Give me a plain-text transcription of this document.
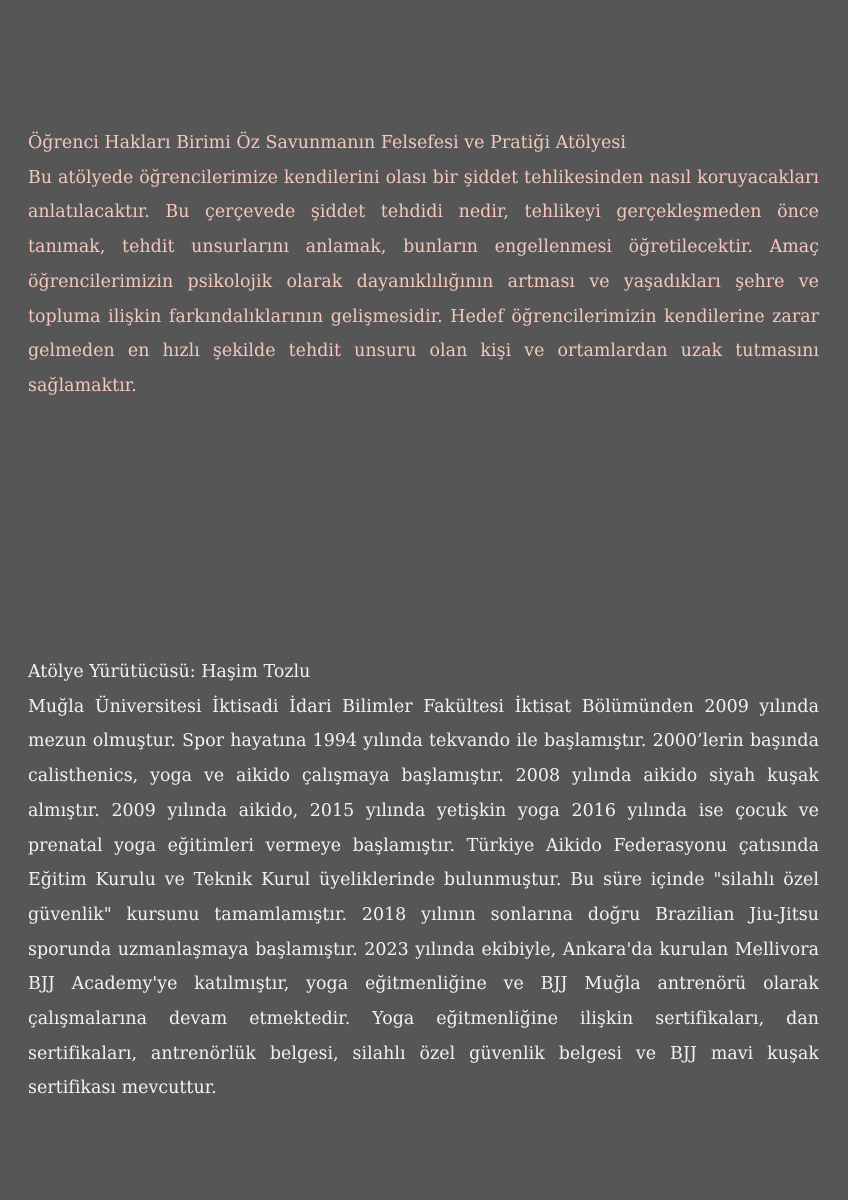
Öğrenci Hakları Birimi Öz Savunmanın Felsefesi ve Pratiği Atölyesi
Bu atölyede öğrencilerimize kendilerini olası bir şiddet tehlikesinden nasıl koruyacakları anlatılacaktır. Bu çerçevede şiddet tehdidi nedir, tehlikeyi gerçekleşmeden önce tanımak, tehdit unsurlarını anlamak, bunların engellenmesi öğretilecektir. Amaç öğrencilerimizin psikolojik olarak dayanıklılığının artması ve yaşadıkları şehre ve topluma ilişkin farkındalıklarının gelişmesidir. Hedef öğrencilerimizin kendilerine zarar gelmeden en hızlı şekilde tehdit unsuru olan kişi ve ortamlardan uzak tutmasını sağlamaktır.
Atölye Yürütücüsü: Haşim Tozlu
Muğla Üniversitesi İktisadi İdari Bilimler Fakültesi İktisat Bölümünden 2009 yılında mezun olmuştur. Spor hayatına 1994 yılında tekvando ile başlamıştır. 2000’lerin başında calisthenics, yoga ve aikido çalışmaya başlamıştır. 2008 yılında aikido siyah kuşak almıştır. 2009 yılında aikido, 2015 yılında yetişkin yoga 2016 yılında ise çocuk ve prenatal yoga eğitimleri vermeye başlamıştır. Türkiye Aikido Federasyonu çatısında Eğitim Kurulu ve Teknik Kurul üyeliklerinde bulunmuştur. Bu süre içinde "silahlı özel güvenlik" kursunu tamamlamıştır. 2018 yılının sonlarına doğru Brazilian Jiu-Jitsu sporunda uzmanlaşmaya başlamıştır. 2023 yılında ekibiyle, Ankara'da kurulan Mellivora BJJ Academy'ye katılmıştır, yoga eğitmenliğine ve BJJ Muğla antrenörü olarak çalışmalarına devam etmektedir. Yoga eğitmenliğine ilişkin sertifikaları, dan sertifikaları, antrenörlük belgesi, silahlı özel güvenlik belgesi ve BJJ mavi kuşak sertifikası mevcuttur.
